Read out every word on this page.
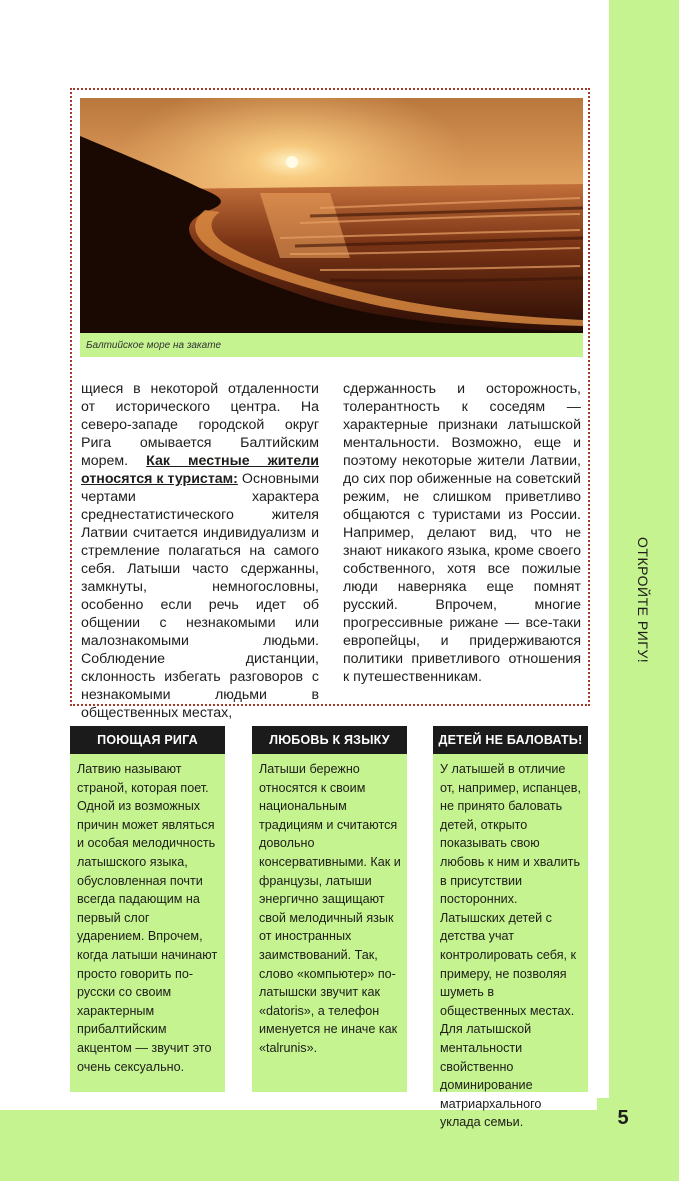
5
ОТКРОЙТЕ РИГУ!
Балтийское море на закате

щиеся в некоторой отдаленности от исторического центра. На северо-западе городской округ Рига омывается Балтийским морем. Как местные жители относятся к туристам: Основными чертами характера среднестатистического жителя Латвии считается индивидуализм и стремление полагаться на самого себя. Латыши часто сдержанны, замкнуты, немногословны, особенно если речь идет об общении с незнакомыми или малознакомыми людьми. Соблюдение дистанции, склонность избегать разговоров с незнакомыми людьми в общественных местах,

сдержанность и осторожность, толерантность к соседям — характерные признаки латышской ментальности. Возможно, еще и поэтому некоторые жители Латвии, до сих пор обиженные на советский режим, не слишком приветливо общаются с туристами из России. Например, делают вид, что не знают никакого языка, кроме своего собственного, хотя все пожилые люди наверняка еще помнят русский. Впрочем, многие прогрессивные рижане — все-таки европейцы, и придерживаются политики приветливого отношения к путешественникам.

ПОЮЩАЯ РИГА
Латвию называют страной, которая поет. Одной из возможных причин может являться и особая мелодичность латышского языка, обусловленная почти всегда падающим на первый слог ударением. Впрочем, когда латыши начинают просто говорить по-русски со своим характерным прибалтийским акцентом — звучит это очень сексуально.
ЛЮБОВЬ К ЯЗЫКУ
Латыши бережно относятся к своим национальным традициям и считаются довольно консервативными. Как и французы, латыши энергично защищают свой мелодичный язык от иностранных заимствований. Так, слово «компьютер» по-латышски звучит как «datoris», а телефон именуется не иначе как «talrunis».
ДЕТЕЙ НЕ БАЛОВАТЬ!
У латышей в отличие от, например, испанцев, не принято баловать детей, открыто показывать свою любовь к ним и хвалить в присутствии посторонних. Латышских детей с детства учат контролировать себя, к примеру, не позволяя шуметь в общественных местах. Для латышской ментальности свойственно доминирование матриархального уклада семьи.
